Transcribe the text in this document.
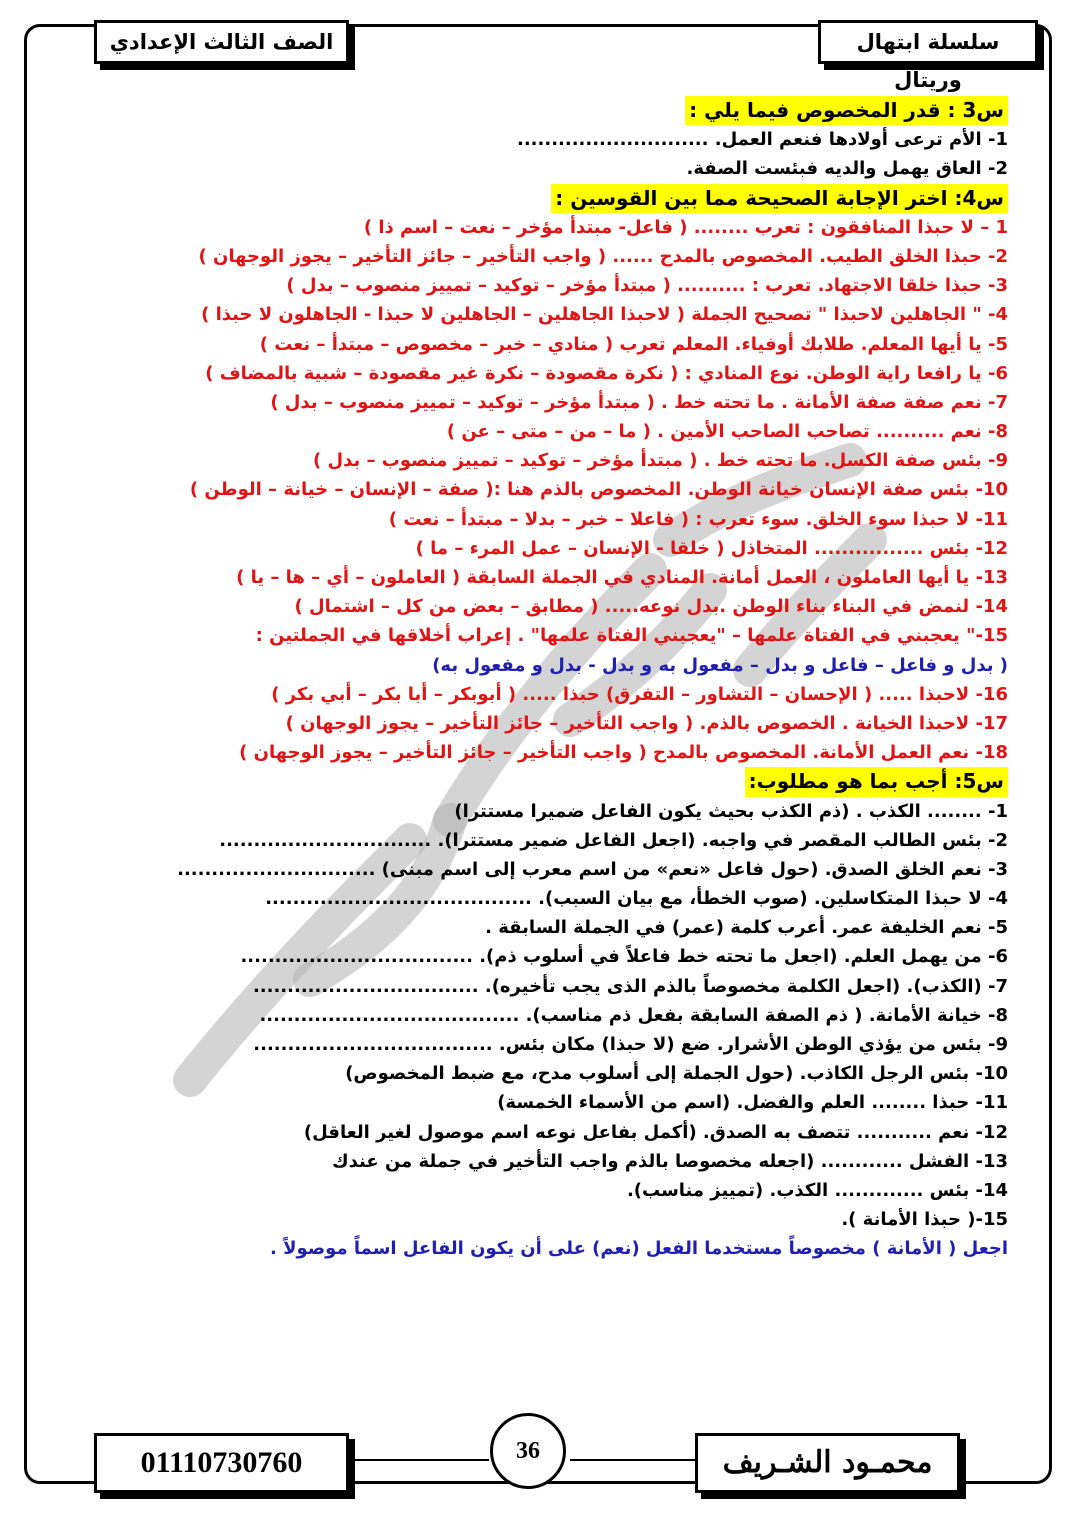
سلسلة ابتهال وريتال
الصف الثالث الإعدادي
س3 : قدر المخصوص فيما يلي :
1- الأم ترعى أولادها فنعم العمل. ............................
2- العاق يهمل والديه فبئست الصفة.
س4: اختر الإجابة الصحيحة مما بين القوسين :
1 – لا حبذا المنافقون : تعرب ........ ( فاعل- مبتدأ مؤخر – نعت – اسم ذا )
2- حبذا الخلق الطيب. المخصوص بالمدح ...... ( واجب التأخير – جائز التأخير – يجوز الوجهان )
3- حبذا خلقا الاجتهاد. تعرب : .......... ( مبتدأ مؤخر – توكيد – تمييز منصوب – بدل )
4- " الجاهلين لاحبذا " تصحيح الجملة ( لاحبذا الجاهلين – الجاهلين لا حبذا - الجاهلون لا حبذا )
5- يا أيها المعلم. طلابك أوفياء. المعلم تعرب ( منادي – خبر – مخصوص – مبتدأ – نعت )
6- يا رافعا راية الوطن. نوع المنادي : ( نكرة مقصودة – نكرة غير مقصودة – شبية بالمضاف )
7- نعم صفة صفة الأمانة . ما تحته خط . ( مبتدأ مؤخر – توكيد – تمييز منصوب – بدل )
8- نعم .......... تصاحب الصاحب الأمين . ( ما – من – متى – عن )
9- بئس صفة الكسل. ما تحته خط . ( مبتدأ مؤخر – توكيد – تمييز منصوب – بدل )
10- بئس صفة الإنسان خيانة الوطن. المخصوص بالذم هنا :( صفة – الإنسان – خيانة – الوطن )
11- لا حبذا سوء الخلق. سوء تعرب : ( فاعلا – خبر – بدلا – مبتدأ – نعت )
12- بئس ................ المتخاذل ( خلقا - الإنسان – عمل المرء – ما )
13- يا أيها العاملون ، العمل أمانة. المنادي في الجملة السابقة ( العاملون – أي – ها – يا )
14- لنمض في البناء بناء الوطن .بدل نوعه..... ( مطابق – بعض من كل – اشتمال )
15-" يعجبني في الفتاة علمها – "يعجبني الفتاة علمها" . إعراب أخلاقها في الجملتين :
( بدل و فاعل – فاعل و بدل – مفعول به و بدل - بدل و مفعول به)
16- لاحبذا ..... ( الإحسان – التشاور – التفرق) حبذا ..... ( أبوبكر – أبا بكر – أبي بكر )
17- لاحبذا الخيانة . الخصوص بالذم. ( واجب التأخير – جائز التأخير – يجوز الوجهان )
18- نعم العمل الأمانة. المخصوص بالمدح ( واجب التأخير – جائز التأخير – يجوز الوجهان )
س5: أجب بما هو مطلوب:
1- ........ الكذب . (ذم الكذب بحيث يكون الفاعل ضميرا مستترا)
2- بئس الطالب المقصر في واجبه. (اجعل الفاعل ضمير مستترا). ...............................
3- نعم الخلق الصدق. (حول فاعل «نعم» من اسم معرب إلى اسم مبنى) .............................
4- لا حبذا المتكاسلين. (صوب الخطأ، مع بيان السبب). .......................................
5- نعم الخليفة عمر. أعرب كلمة (عمر) في الجملة السابقة .
6- من يهمل العلم. (اجعل ما تحته خط فاعلاً في أسلوب ذم). ..................................
7- (الكذب). (اجعل الكلمة مخصوصاً بالذم الذى يجب تأخيره). .................................
8- خيانة الأمانة. ( ذم الصفة السابقة بفعل ذم مناسب). ......................................
9- بئس من يؤذي الوطن الأشرار. ضع (لا حبذا) مكان بئس. ...................................
10- بئس الرجل الكاذب. (حول الجملة إلى أسلوب مدح، مع ضبط المخصوص)
11- حبذا ........ العلم والفضل. (اسم من الأسماء الخمسة)
12- نعم ........... تتصف به الصدق. (أكمل بفاعل نوعه اسم موصول لغير العاقل)
13- الفشل ............ (اجعله مخصوصا بالذم واجب التأخير في جملة من عندك
14- بئس ............. الكذب. (تمييز مناسب).
15-( حبذا الأمانة ).
اجعل ( الأمانة ) مخصوصاً مستخدما الفعل (نعم) على أن يكون الفاعل اسماً موصولاً .
محمـود الشـريف
01110730760	36
